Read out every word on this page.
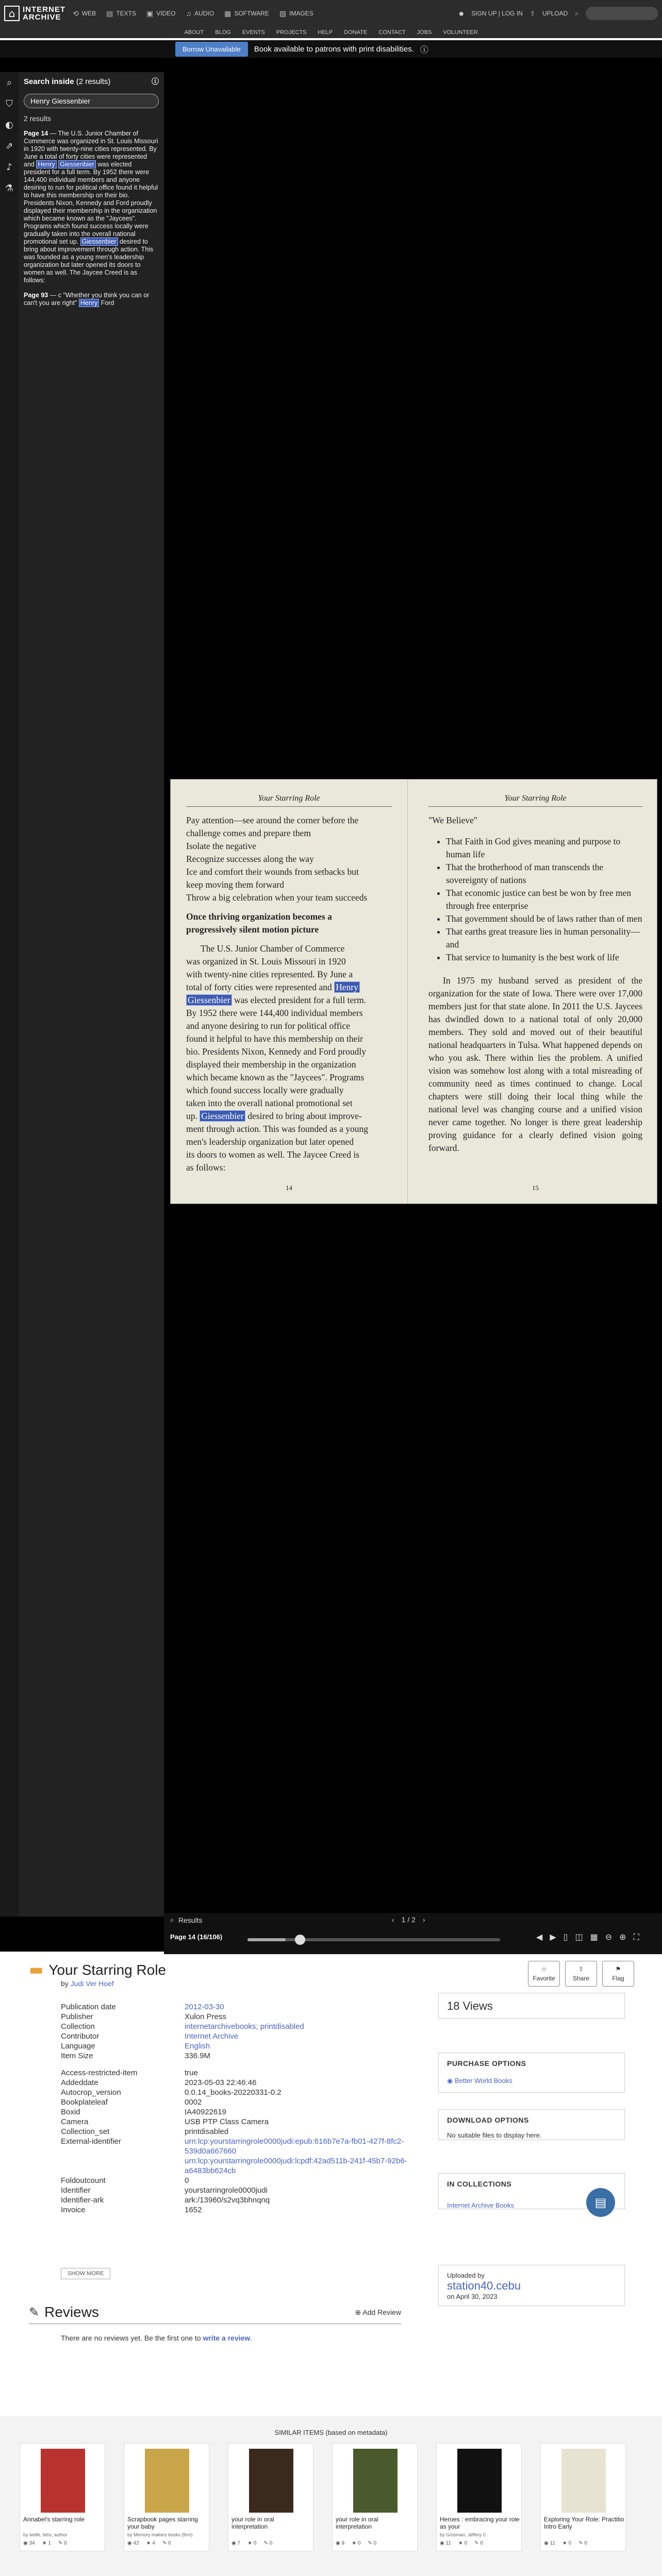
⌂ INTERNET
ARCHIVE	⟲ WEB ▤ TEXTS ▣ VIDEO ♫ AUDIO ▦ SOFTWARE ▨ IMAGES	● SIGN UP | LOG IN ⇪ UPLOAD ⌕
ABOUT BLOG EVENTS PROJECTS HELP DONATE CONTACT JOBS VOLUNTEER
Borrow Unavailable	Book available to patrons with print disabilities. ⓘ
⌕
⛉
◐
⇗
♪
⚗
Search inside (2 results)	ⓘ
Henry Giessenbier
2 results
Page 14 — The U.S. Junior Chamber of Commerce was organized in St. Louis Missouri in 1920 with twenty-nine cities represented. By June a total of forty cities were represented and Henry Giessenbier was elected president for a full term. By 1952 there were 144,400 individual members and anyone desiring to run for political office found it helpful to have this membership on their bio. Presidents Nixon, Kennedy and Ford proudly displayed their membership in the organization which became known as the "Jaycees". Programs which found success locally were gradually taken into the overall national promotional set up. Giessenbier desired to bring about improvement through action. This was founded as a young men's leadership organization but later opened its doors to women as well. The Jaycee Creed is as follows:
Page 93 — c "Whether you think you can or can't you are right" Henry Ford
Your Starring Role
Pay attention—see around the corner before the
challenge comes and prepare them
Isolate the negative
Recognize successes along the way
Ice and comfort their wounds from setbacks but
keep moving them forward
Throw a big celebration when your team succeeds
Once thriving organization becomes a
progressively silent motion picture
The U.S. Junior Chamber of Commerce
was organized in St. Louis Missouri in 1920
with twenty-nine cities represented. By June a
total of forty cities were represented and Henry
Giessenbier was elected president for a full term.
By 1952 there were 144,400 individual members
and anyone desiring to run for political office
found it helpful to have this membership on their
bio. Presidents Nixon, Kennedy and Ford proudly
displayed their membership in the organization
which became known as the "Jaycees". Programs
which found success locally were gradually
taken into the overall national promotional set
up. Giessenbier desired to bring about improve-
ment through action. This was founded as a young
men's leadership organization but later opened
its doors to women as well. The Jaycee Creed is
as follows:
14
Your Starring Role
"We Believe"
• That Faith in God gives meaning and purpose to human life
• That the brotherhood of man transcends the sovereignty of nations
• That economic justice can best be won by free men through free enterprise
• That government should be of laws rather than of men
• That earths great treasure lies in human personality—and
• That service to humanity is the best work of life
In 1975 my husband served as president of the organization for the state of Iowa. There were over 17,000 members just for that state alone. In 2011 the U.S. Jaycees has dwindled down to a national total of only 20,000 members. They sold and moved out of their beautiful national headquarters in Tulsa. What happened depends on who you ask. There within lies the problem. A unified vision was somehow lost along with a total misreading of community need as times continued to change. Local chapters were still doing their local thing while the national level was changing course and a unified vision never came together. No longer is there great leadership proving guidance for a clearly defined vision going forward.
15
⌕ Results	‹ 1 / 2 ›
Page 14 (16/106)	◀ ▶ ▯ ◫ ▦ ⊖ ⊕ ⛶
▬ Your Starring Role
by Judi Ver Hoef
☆
Favorite
⇪
Share
⚑
Flag
Publication date	2012-03-30
Publisher	Xulon Press
Collection	internetarchivebooks; printdisabled
Contributor	Internet Archive
Language	English
Item Size	336.9M
Access-restricted-item	true
Addeddate	2023-05-03 22:46:46
Autocrop_version	0.0.14_books-20220331-0.2
Bookplateleaf	0002
Boxid	IA40922619
Camera	USB PTP Class Camera
Collection_set	printdisabled
External-identifier	urn:lcp:yourstarringrole0000judi:epub:616b7e7a-fb01-427f-8fc2-539d0a667660
urn:lcp:yourstarringrole0000judi:lcpdf:42ad511b-241f-45b7-92b6-a6483bb624cb
Foldoutcount	0
Identifier	yourstarringrole0000judi
Identifier-ark	ark:/13960/s2vq3bhnqnq
Invoice	1652
SHOW MORE
✎ Reviews	⊕ Add Review
There are no reviews yet. Be the first one to write a review.
18 Views
PURCHASE OPTIONS
◉ Better World Books
DOWNLOAD OPTIONS
No suitable files to display here.
IN COLLECTIONS
Internet Archive Books	▤
Uploaded by
station40.cebu
on April 30, 2023
SIMILAR ITEMS (based on metadata)
Annabel's starring role
by wolfe, fahs, author
◉ 34 ★ 1 ✎ 0
Scrapbook pages starring your baby
by Memory makers books (firm)
◉ 42 ★ 4 ✎ 0
your role in oral interpretation
◉ 7 ★ 0 ✎ 0
your role in oral interpretation
◉ 9 ★ 0 ✎ 0
Heroes : embracing your role as your
by Grosman, Jeffery C
◉ 11 ★ 0 ✎ 0
Exploring Your Role: Practitio Intro Early
◉ 11 ★ 0 ✎ 0
